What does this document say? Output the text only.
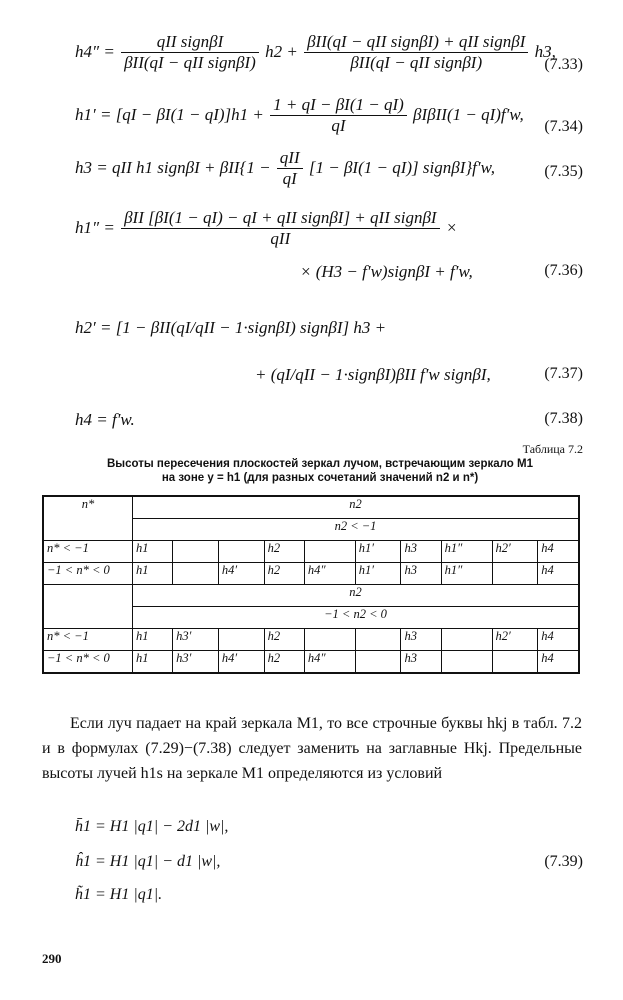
$h4'' = \frac{\text{qII signβI}}{\text{βII(qI − qII signβI)}} h2 + \frac{\text{βII(qI − qII signβI) + qII signβI}}{\text{βII(qI − qII signβI)}} h3$,
(7.33)
$h1' = [qI - \beta I(1 - qI)]h1 + \frac{1 + qI - \beta I(1 - qI)}{qI} \beta I\beta II(1 - qI)f'w$,
(7.34)
h3 = qII h1 signβI + $\beta II\{1 - \frac{\text{qII}}{qI} [1 - \beta I(1 - qI)]$ signβI}f′w,	(7.35)
$h1'' = \frac{\text{βII [βI(1 − qI) − qI + qII signβI] + qII signβI}}{\text{qII}}$ ×
× (H3 − f′w)signβI + f′w,	(7.36)
h2′ = [1 − βII(qI/qII − 1·signβI) signβI] h3 +
+ (qI/qII − 1·signβI)βII f′w signβI,	(7.37)
h4 = f′w.	(7.38)
Таблица 7.2
Высоты пересечения плоскостей зеркал лучом, встречающим зеркало M1
на зоне y = h1 (для разных сочетаний значений n2 и n*)
n*	n2									
	n2 < −1									
n* < −1	h1			h2		h1′	h3	h1″	h2′	h4
−1 < n* < 0	h1		h4′	h2	h4″	h1′	h3	h1″		h4
	n2									
	−1 < n2 < 0									
n* < −1	h1	h3′		h2			h3		h2′	h4
−1 < n* < 0	h1	h3′	h4′	h2	h4″		h3			h4
Если луч падает на край зеркала M1, то все строчные буквы hkj в табл. 7.2 и в формулах (7.29)−(7.38) следует заменить на заглавные Hkj. Предельные высоты лучей h1s на зеркале M1 определяются из условий
h̄1 = H1 |q1| − 2d1 |w|,
ĥ1 = H1 |q1| − d1 |w|,
h̃1 = H1 |q1|.
(7.39)
290
